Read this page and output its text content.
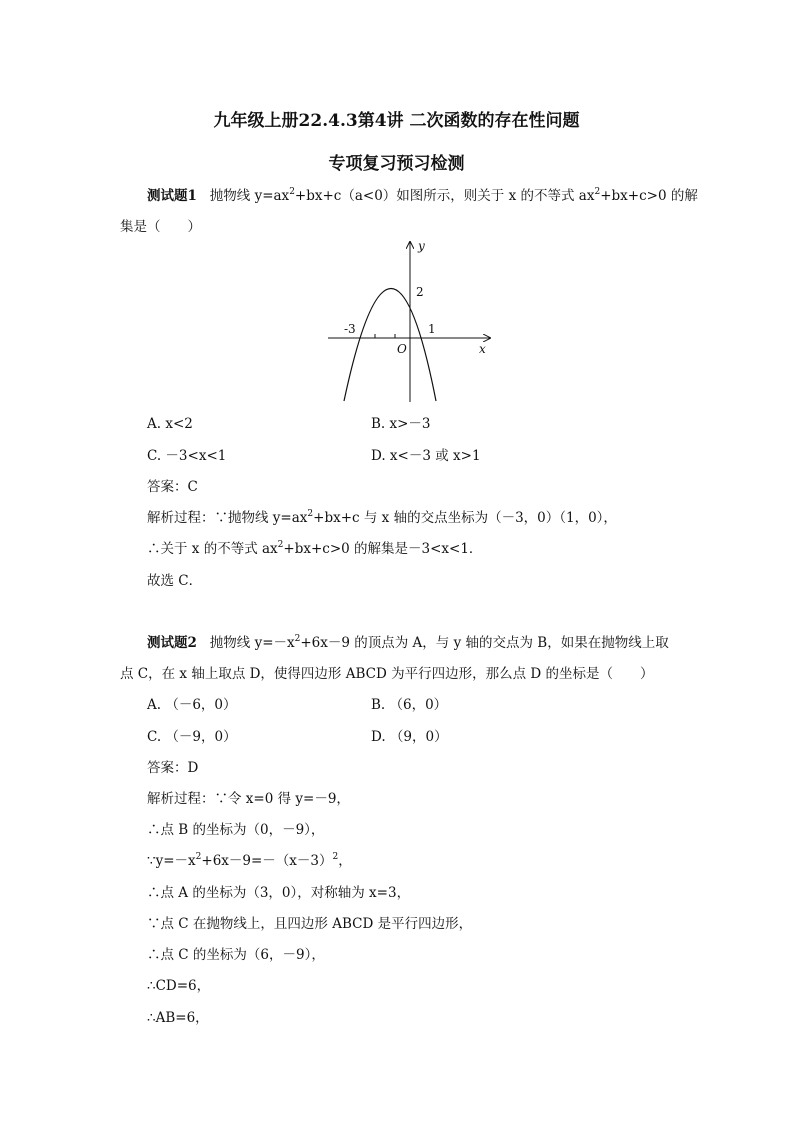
九年级上册22.4.3第4讲 二次函数的存在性问题
专项复习预习检测
测试题1 抛物线 $y=ax^2+bx+c(a<0)$如图所示，则关于 x 的不等式 $ax^2+bx+c>0$ 的解
集是（　　）
y
x
O
-3	1
2
A. x<2	B. x>－3
C. －3<x<1	D. x<－3 或 x>1
答案：C
解析过程：∵抛物线 $y=ax^2+bx+c$ 与 x 轴的交点坐标为（－3，0）（1，0），
∴关于 x 的不等式 $ax^2+bx+c>0$ 的解集是－3<x<1．
故选 C．
测试题2 抛物线 $y=-x^2+6x-9$ 的顶点为 A，与 y 轴的交点为 B，如果在抛物线上取
点 C，在 x 轴上取点 D，使得四边形 ABCD 为平行四边形，那么点 D 的坐标是（　　）
A. （－6，0）	B. （6，0）
C. （－9，0）	D. （9，0）
答案：D
解析过程：∵令 x=0 得 y=－9，
∴点 B 的坐标为（0，－9），
$\because y=-x^2+6x-9=-(x-3)^2$，
∴点 A 的坐标为（3，0），对称轴为 x=3，
∵点 C 在抛物线上，且四边形 ABCD 是平行四边形，
∴点 C 的坐标为（6，－9），
∴CD=6，
∴AB=6，
